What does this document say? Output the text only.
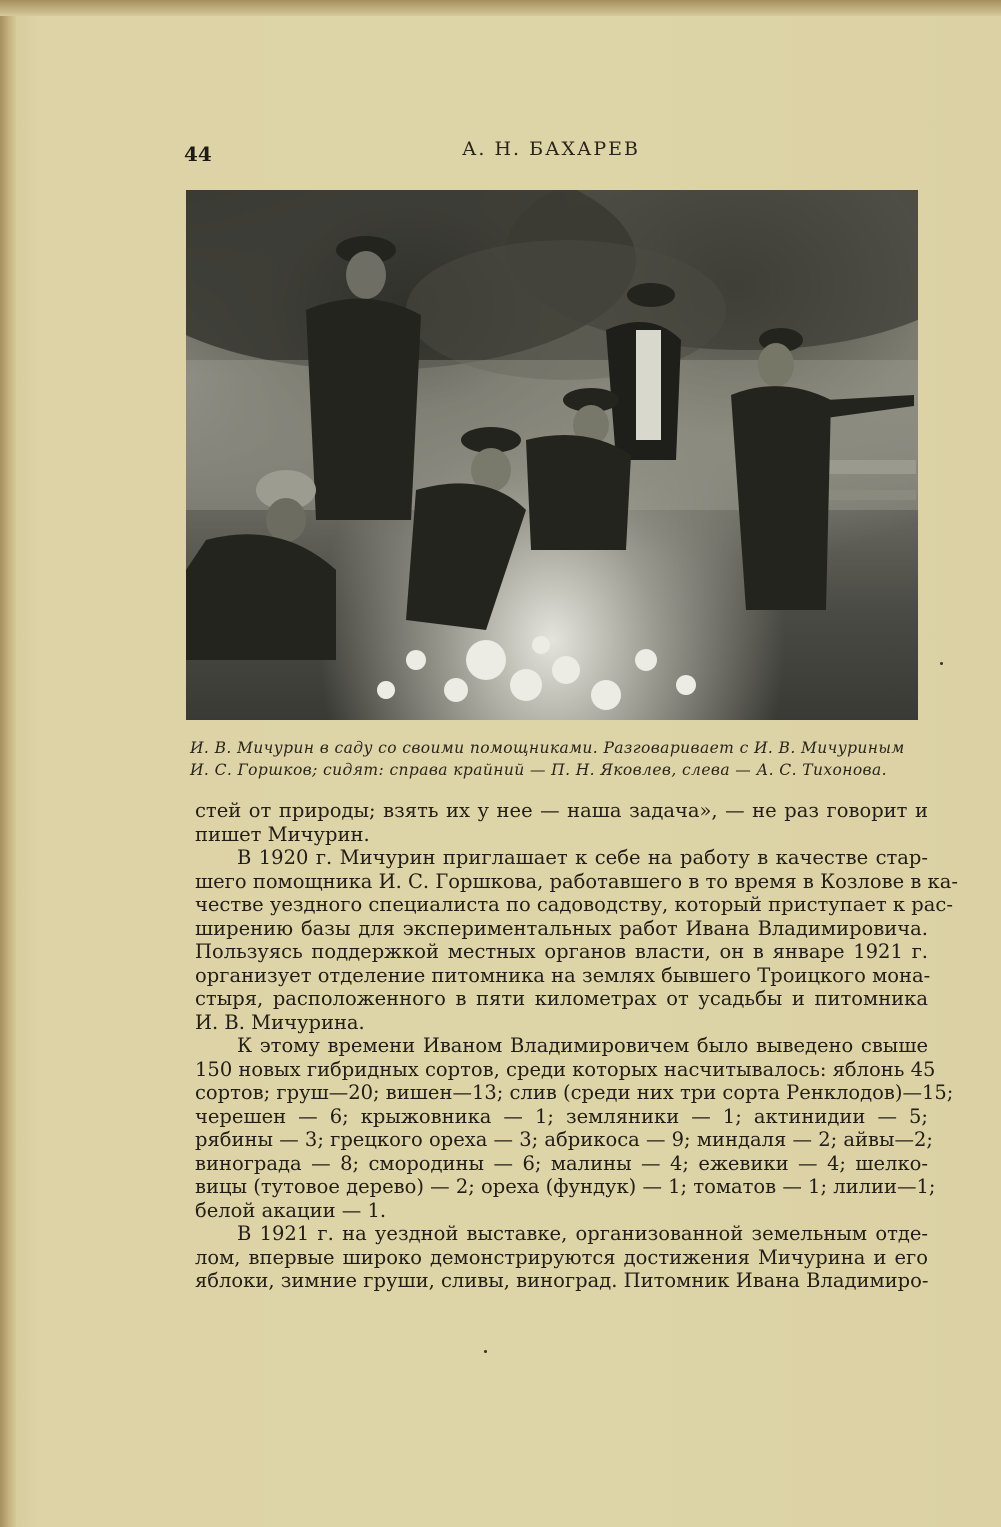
44	А. Н. БАХАРЕВ
И. В. Мичурин в саду со своими помощниками. Разговаривает с И. В. Мичуриным
И. С. Горшков; сидят: справа крайний — П. Н. Яковлев, слева — А. С. Тихонова.
стей от природы; взять их у нее — наша задача», — не раз говорит и
пишет Мичурин.
В 1920 г. Мичурин приглашает к себе на работу в качестве стар-
шего помощника И. С. Горшкова, работавшего в то время в Козлове в ка-
честве уездного специалиста по садоводству, который приступает к рас-
ширению базы для экспериментальных работ Ивана Владимировича.
Пользуясь поддержкой местных органов власти, он в январе 1921 г.
организует отделение питомника на землях бывшего Троицкого мона-
стыря, расположенного в пяти километрах от усадьбы и питомника
И. В. Мичурина.
К этому времени Иваном Владимировичем было выведено свыше
150 новых гибридных сортов, среди которых насчитывалось: яблонь 45
сортов; груш—20; вишен—13; слив (среди них три сорта Ренклодов)—15;
черешен — 6; крыжовника — 1; земляники — 1; актинидии — 5;
рябины — 3; грецкого ореха — 3; абрикоса — 9; миндаля — 2; айвы—2;
винограда — 8; смородины — 6; малины — 4; ежевики — 4; шелко-
вицы (тутовое дерево) — 2; ореха (фундук) — 1; томатов — 1; лилии—1;
белой акации — 1.
В 1921 г. на уездной выставке, организованной земельным отде-
лом, впервые широко демонстрируются достижения Мичурина и его
яблоки, зимние груши, сливы, виноград. Питомник Ивана Владимиро-
